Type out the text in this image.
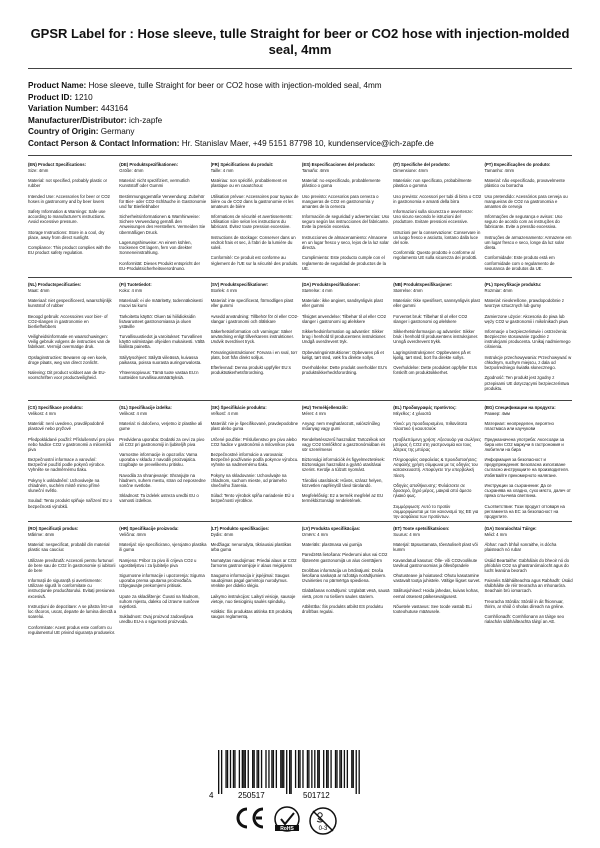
GPSR Label for : Hose sleeve, tulle Straight for beer or CO2 hose with injection-molded seal, 4mm
Product Name: Hose sleeve, tulle Straight for beer or CO2 hose with injection-molded seal, 4mm
Product ID: 1210
Variation Number: 443164
Manufacturer/Distributor: ich-zapfe
Country of Origin: Germany
Contact Person & Contact Information: Hr. Stanislav Maer, +49 5151 87798 10, kundenservice@ich-zapfe.de
(EN) Product Specifications:
Size: 4mm

Material: not specified, probably plastic or rubber

Intended Use: Accessories for beer or CO2 hoses in gastronomy and by beer lovers

Safety Information & Warnings: Safe use according to manufacturer's instructions. Avoid excessive pressure.

Storage Instructions: Store in a cool, dry place, away from direct sunlight.

Compliance: This product complies with the EU product safety regulation.
(DE) Produktspezifikationen:
Größe: 4mm

Material: nicht spezifiziert, vermutlich Kunststoff oder Gummi

Bestimmungsgemäße Verwendung: Zubehör für Bier- oder CO2-Schläuche in Gastronomie und für Bierliebhaber

Sicherheitsinformationen & Warnhinweise: Sichere Verwendung gemäß den Anweisungen des Herstellers. Vermeiden Sie übermäßigen Druck.

Lagerungshinweise: An einem kühlen, trockenen Ort lagern, fern von direkter Sonneneinstrahlung.

Konformität: Dieses Produkt entspricht der EU-Produktsicherheitsverordnung.
(FR) Spécifications du produit:
Taille: 4 mm

Matériau: non spécifié, probablement en plastique ou en caoutchouc

Utilisation prévue: Accessoires pour tuyaux de bière ou de CO2 dans la gastronomie et les amateurs de bière

Informations de sécurité et avertissements: Utilisation sûre selon les instructions du fabricant. Évitez toute pression excessive.

Instructions de stockage: Conserver dans un endroit frais et sec, à l'abri de la lumière du soleil.

Conformité: Ce produit est conforme au règlement de l'UE sur la sécurité des produits.
(ES) Especificaciones del producto:
Tamaño: 4mm

Material: no especificado, probablemente plástico o goma

Uso previsto: Accesorios para cerveza o mangueras de CO2 en gastronomía y amantes de la cerveza

Información de seguridad y advertencias: Uso seguro según las instrucciones del fabricante. Evite la presión excesiva.

Instrucciones de almacenamiento: Almacene en un lugar fresco y seco, lejos de la luz solar directa.

Cumplimiento: Este producto cumple con el reglamento de seguridad de productos de la UE.
(IT) Specifiche del prodotto:
Dimensione: 4mm

Materiale: non specificato, probabilmente plastica o gomma

Uso previsto: Accessori per tubi di birra o CO2 in gastronomia e amanti della birra

Informazioni sulla sicurezza e avvertenze: Uso sicuro secondo le istruzioni del produttore. Evitare pressioni eccessive.

Istruzioni per la conservazione: Conservare in un luogo fresco e asciutto, lontano dalla luce del sole.

Conformità: Questo prodotto è conforme al regolamento UE sulla sicurezza dei prodotti.
(PT) Especificações do produto:
Tamanho: 4mm

Material: não especificado, provavelmente plástico ou borracha

Uso pretendido: Acessórios para cerveja ou mangueiras de CO2 na gastronomia e amantes de cerveja

Informações de segurança e avisos: Uso seguro de acordo com as instruções do fabricante. Evite a pressão excessiva.

Instruções de armazenamento: Armazene em um lugar fresco e seco, longe da luz solar direta.

Conformidade: Este produto está em conformidade com o regulamento de segurança de produtos da UE.
(NL) Productspecificaties:
Maat: 4mm

Materiaal: niet gespecificeerd, waarschijnlijk kunststof of rubber

Beoogd gebruik: Accessoires voor bier- of CO2-slangen in gastronomie en bierliefhebbers

Veiligheidsinformatie en waarschuwingen: Veilig gebruik volgens de instructies van de fabrikant. Vermijd overmatige druk.

Opslaginstructies: Bewaren op een koele, droge plaats, weg van direct zonlicht.

Naleving: Dit product voldoet aan de EU-voorschriften voor productveiligheid.
(FI) Tuotetiedot:
Koko: 4 mm

Materiaali: ei ole määritetty, todennäköisesti muovi tai kumi

Tarkoitettu käyttö: Oluen tai hiilidioksidin lisävarusteet gastronomiassa ja oluen ystäville

Turvallisuustiedot ja varoitukset: Turvallinen käyttö valmistajan ohjeiden mukaisesti. Vältä liiallista painetta.

Säilytysohjeet: Säilytä viileässä, kuivassa paikassa, poissa suorasta auringonvalosta.

Yhteensopivuus: Tämä tuote vastaa EU:n tuotteiden turvallisuusmääräyksiä.
(SV) Produktspecifikationer:
Storlek: 4 mm

Material: inte specificerat, förmodligen plast eller gummi

Avsedd användning: Tillbehör för öl eller CO2-slangar i gastronomi och ölälskare

Säkerhetsinformation och varningar: Säker användning enligt tillverkarens instruktioner. Undvik överdrivet tryck.

Förvaringsinstruktioner: Förvara i en sval, torr plats, bort från direkt solljus.

Efterlevnad: Denna produkt uppfyller EU:s produktsäkerhetsförordning.
(DA) Produktspecifikationer:
Størrelse: 4 mm

Materiale: ikke angivet, sandsynligvis plast eller gummi

Tilsigtet anvendelse: Tilbehør til øl eller CO2 slanger i gastronomi og ølelskere

Sikkerhedsinformation og advarsler: Sikker brug i henhold til producentens instruktioner. Undgå overdrevent tryk.

Opbevaringsinstruktioner: Opbevares på et køligt, tørt sted, væk fra direkte sollys.

Overholdelse: Dette produkt overholder EU's produktsikkerhedsforordning.
(NB) Produktspesifikasjoner:
Størrelse: 4mm

Materiale: Ikke spesifisert, sannsynligvis plast eller gummi

Forventet bruk: Tilbehør til øl eller CO2 slanger i gastronomi og ølelskere

Sikkerhetsinformasjon og advarsler: Sikker bruk i henhold til produsentens instruksjoner. Unngå overdrevent trykk.

Lagringsinstruksjoner: Oppbevares på et kjølig, tørt sted, bort fra direkte sollys.

Overholdelse: Dette produktet oppfyller EUs forskrift om produktsikkerhet.
(PL) Specyfikacje produktu:
Rozmiar: 4mm

Materiał: nieokreślone, prawdopodobnie z tworzyw sztucznych lub gumy

Zamierzone użycie: Akcesoria do piwa lub węży CO2 w gastronomii i miłośnikach piwa

Informacje o bezpieczeństwie i ostrzeżenia: Bezpieczne stosowanie zgodnie z instrukcjami producenta. Unikaj nadmiernego ciśnienia.

Instrukcje przechowywania: Przechowywać w chłodnym, suchym miejscu, z dala od bezpośredniego światła słonecznego.

Zgodność: Ten produkt jest zgodny z przepisami UE dotyczącymi bezpieczeństwa produktu.
(CS) Specifikace produktu:
Velikost: 4 mm

Materiál: není uvedeno, pravděpodobně plastové nebo pryžové

Předpokládané použití: Příslušenství pro pivo nebo hadice CO2 v gastronomii a milovníků piva

Bezpečnostní informace a varování: Bezpečné použití podle pokynů výrobce. Vyhněte se nadměrnému tlaku.

Pokyny k uskladnění: Uchovávejte na chladném, suchém místě mimo přímé sluneční světlo.

Soulad: Tento produkt splňuje nařízení EU o bezpečnosti výrobků.
(SL) Specifikacije izdelka:
Velikost: 4 mm

Material: ni določeno, verjetno iz plastike ali gume

Predvidena uporaba: Dodatki za cevi za pivo ali CO2 pri gastronomiji in ljubiteljih piva

Varnostne informacije in opozorila: Varna uporaba v skladu z navodili proizvajalca. Izogibajte se prevelikemu pritisku.

Navodila za shranjevanje: Shranjujte na hladnem, suhem mestu, stran od neposredne sončne svetlobe.

Skladnost: Ta izdelek ustreza uredbi EU o varnosti izdelkov.
(SK) Špecifikácie produktu:
Veľkosť: 4 mm

Materiál: nie je špecifikované, pravdepodobne plast alebo guma

Určené použitie: Príslušenstvo pre pivo alebo CO2 hadice v gastronómii a milovníkov piva

Bezpečnostné informácie a varovania: Bezpečné používanie podľa pokynov výrobcu. Vyhnite sa nadmernému tlaku.

Pokyny na skladovanie: Uchovávajte na chladnom, suchom mieste, od priameho slnečného žiarenia.

Súlad: Tento výrobok spĺňa nariadenie EÚ o bezpečnosti výrobkov.
(HU) Termékjellemzők:
Méret: 4 mm

Anyag: nem meghatározott, valószínűleg műanyag vagy gumi

Rendeltetésszerű használat: Tartozékok sör vagy CO2 tömlőkhöz a gasztronómiában és sör szerelmesei

Biztonsági információk és figyelmeztetések: Biztonságos használat a gyártó utasításai szerint. Kerülje a túlzott nyomást.

Tárolási utasítások: Hűvös, száraz helyen, közvetlen napfénytől távol tárolandó.

Megfelelőség: Ez a termék megfelel az EU termékbiztonsági rendeletének.
(EL) Προδιαγραφές προϊόντος:
Μέγεθος: 4 χιλιοστά

Υλικό: μη προσδιορισμένο, πιθανότατα πλαστικό ή καουτσούκ

Προβλεπόμενη χρήση: Αξεσουάρ για σωλήνες μπύρας ή CO2 στη γαστρονομία και τους λάτρεις της μπύρας

Πληροφορίες ασφαλείας & προειδοποιήσεις: Ασφαλής χρήση σύμφωνα με τις οδηγίες του κατασκευαστή. Αποφύγετε την υπερβολική πίεση.

Οδηγίες αποθήκευσης: Φυλάσσετε σε δροσερό, ξηρό μέρος, μακριά από άμεσο ηλιακό φως.

Συμμόρφωση: Αυτό το προϊόν συμμορφώνεται με τον κανονισμό της ΕΕ για την ασφάλεια των προϊόντων.
(BG) Спецификации на продукта:
Размер: 4мм

Материал: неопределен, вероятно пластмаса или каучукови

Предназначена употреба: Аксесоари за бира или CO2 маркучи в гастрономия и любители на бира

Информация за безопасност и предупреждения: Безопасна използване съгласно инструкциите на производителя. Избягвайте прекомерното налягане.

Инструкции за съхранение: Да се съхранява на хладно, сухо място, далеч от пряка слънчева светлина.

Съответствие: Този продукт отговаря на регламента на ЕС за безопасност на продуктите.
(RO) Specificații produs:
Mărime: 4mm

Material: nespecificat, probabil din material plastic sau cauciuc

Utilizare prevăzută: Accesorii pentru furtunuri de bere sau de CO2 în gastronomie și iubitorii de bere

Informații de siguranță și avertismente: Utilizare sigură în conformitate cu instrucțiunile producătorului. Evitați presiunea excesivă.

Instrucțiuni de depozitare: A se păstra într-un loc răcoros, uscat, departe de lumina directă a soarelui.

Conformitate: Acest produs este conform cu regulamentul UE privind siguranța produselor.
(HR) Specifikacije proizvoda:
Veličina: 4mm

Materijal: nije specificirano, vjerojatno plastika ili guma

Namjena: Pribor za pivo ili crijeva CO2 u ugostiteljstvu i za ljubitelje piva

Sigurnosne informacije i upozorenja: Sigurna uporaba prema uputama proizvođača. Izbjegavajte prekomjerni pritisak.

Upute za skladištenje: Čuvati na hladnom, suhom mjestu, daleko od izravne sunčeve svjetlosti.

Sukladnost: Ovaj proizvod zadovoljava uredbu EU-a o sigurnosti proizvoda.
(LT) Produkto specifikacijos:
Dydis: 4mm

Medžiaga: nenurodyta, tikriausiai plastikas arba guma

Numatytas naudojimas: Priedai alaus ar CO2 žarnoms gastronomijoje ir alaus mėgėjams

Saugumo informacija ir įspėjimai: Saugus naudojimas pagal gamintojo nurodymus. Venkite per didelio slėgio.

Laikymo instrukcijos: Laikyti vėsioje, sausoje vietoje, nuo tiesioginių saulės spindulių.

Atitiktis: Šis produktas atitinka ES produktų saugos reglamentą.
(LV) Produkta specifikācijas:
Izmērs: 4 mm

Materiāls: plastmasa vai gumija

Paredzētā lietošana: Piederumi alus vai CO2 šļūtenēm gastronomijā un alus cienītājiem

Drošības informācija un brīdinājumi: Droša lietošana saskaņā ar ražotāja norādījumiem. Izvairieties no pārmērīga spiediena.

Glabāšanas norādījumi: Uzglabāt vēsā, sausā vietā, prom no tiešiem saules stariem.

Atbilstība: Šis produkts atbilst ES produktu drošības regulai.
(ET) Toote spetsifikatsioon:
Suurus: 4 mm

Materjal: täpsustamata, tõenäoliselt plast või kumm

Kavandatud kasutus: Õlle- või CO2voolikute tarvikud gastronoomias ja õllesõpradele

Ohutusteave ja hoiatused: Ohutu kasutamine vastavalt tootja juhistele. Vältige liigset survet.

Säilitusjuhised: Hoida jahedas, kuivas kohas, eemal otsesest päikesevalgusest.

Nõuetele vastavus: See toode vastab ELi tooteohutuse määrusele.
(GA) Sonraíochtaí Táirge:
Méid: 4 mm

Ábhar: nach bhfuil sonraithe, is dócha plaisteach nó rubar

Úsáid Beartaithe: Gabhálais do bheoir nó do phíobáin CO2 sa ghastranómaíocht agus do lucht leanúna beorach

Faisnéis Sábháilteachta agus Rabhadh: Úsáid shábháilte de réir treoracha an mhonaróra. Seachain brú iomarcach.

Treoracha Stórála: Stóráil in áit fhionnuar, thirim, ar shiúl ó sholas díreach na gréine.

Comhlíonadh: Comhlíonann an táirge seo rialachán sábháilteachta táirgí an AE.
4	250517	501712
RoHS	0-3
